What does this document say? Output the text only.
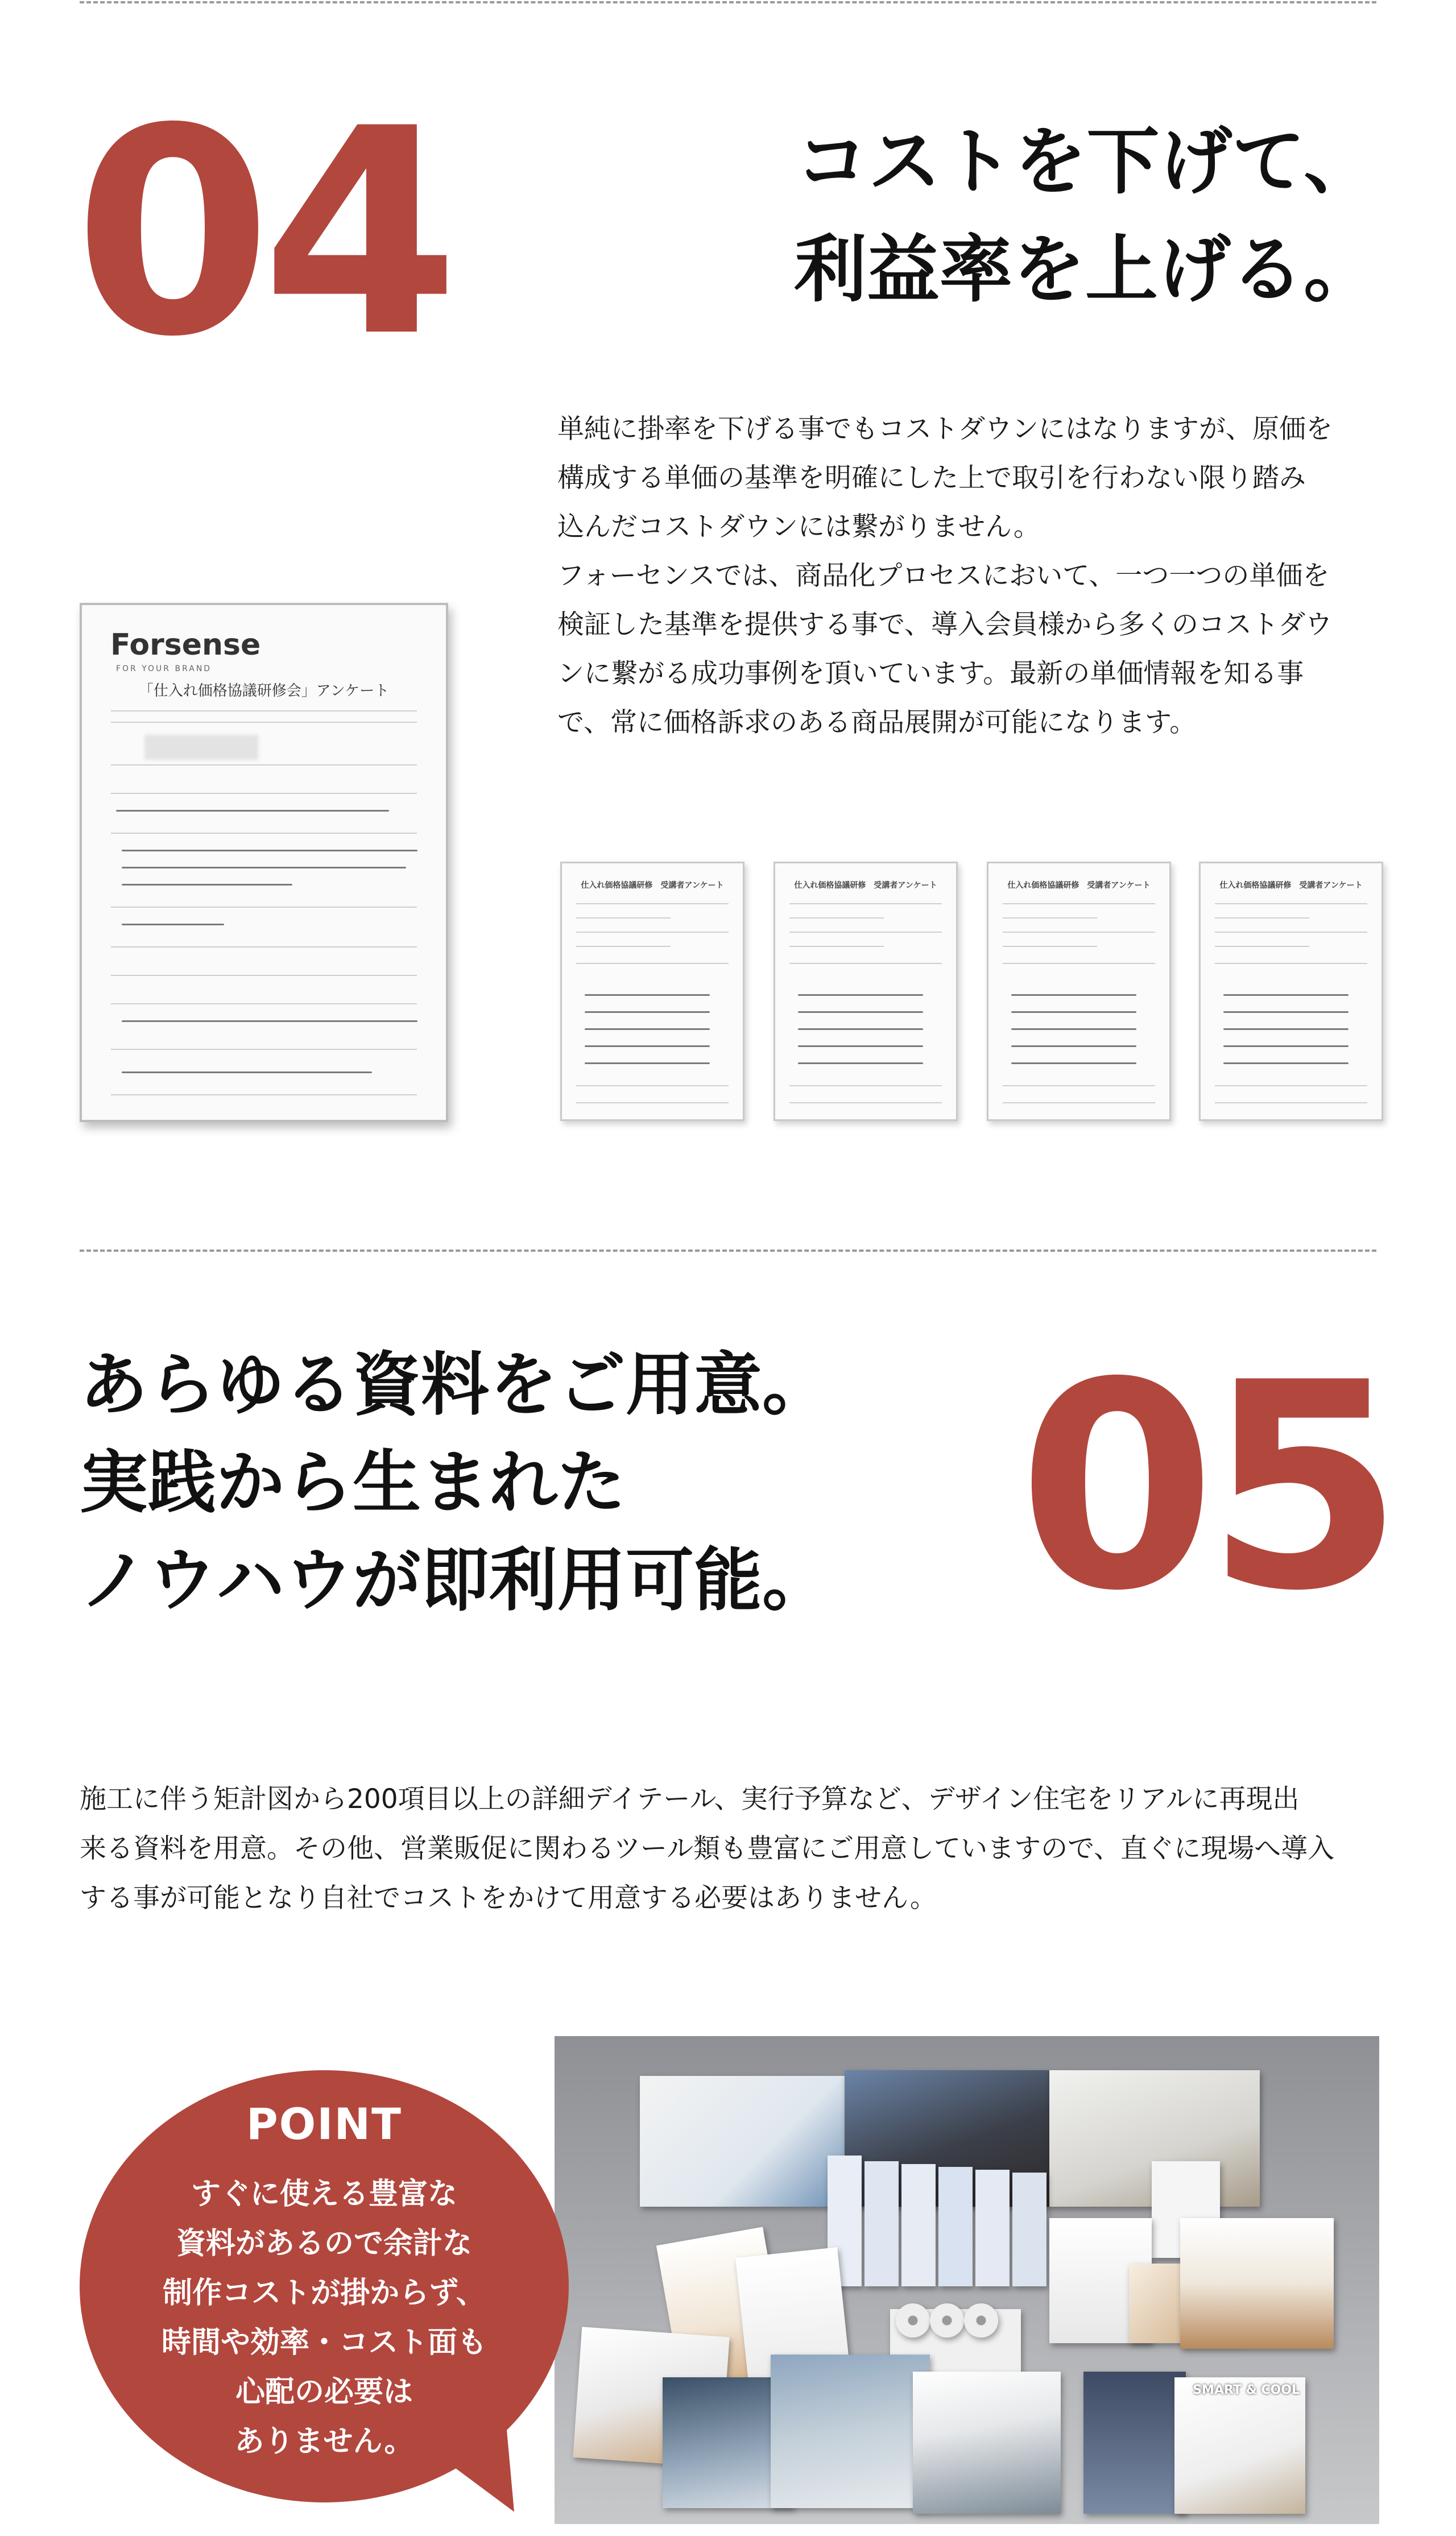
04	コストを下げて、
利益率を上げる。

単純に掛率を下げる事でもコストダウンにはなりますが、原価を

構成する単価の基準を明確にした上で取引を行わない限り踏み

込んだコストダウンには繋がりません。

フォーセンスでは、商品化プロセスにおいて、一つ一つの単価を

検証した基準を提供する事で、導入会員様から多くのコストダウ

ンに繋がる成功事例を頂いています。最新の単価情報を知る事

で、常に価格訴求のある商品展開が可能になります。

Forsense
FOR YOUR BRAND
「仕入れ価格協議研修会」アンケート
仕入れ価格協議研修　受講者アンケート	仕入れ価格協議研修　受講者アンケート	仕入れ価格協議研修　受講者アンケート	仕入れ価格協議研修　受講者アンケート
あらゆる資料をご用意。
実践から生まれた
ノウハウが即利用可能。 05

施工に伴う矩計図から200項目以上の詳細デイテール、実行予算など、デザイン住宅をリアルに再現出

来る資料を用意。その他、営業販促に関わるツール類も豊富にご用意していますので、直ぐに現場へ導入

する事が可能となり自社でコストをかけて用意する必要はありません。

SMART & COOL
POINT
すぐに使える豊富な
資料があるので余計な
制作コストが掛からず、
時間や効率・コスト面も
心配の必要は
ありません。
